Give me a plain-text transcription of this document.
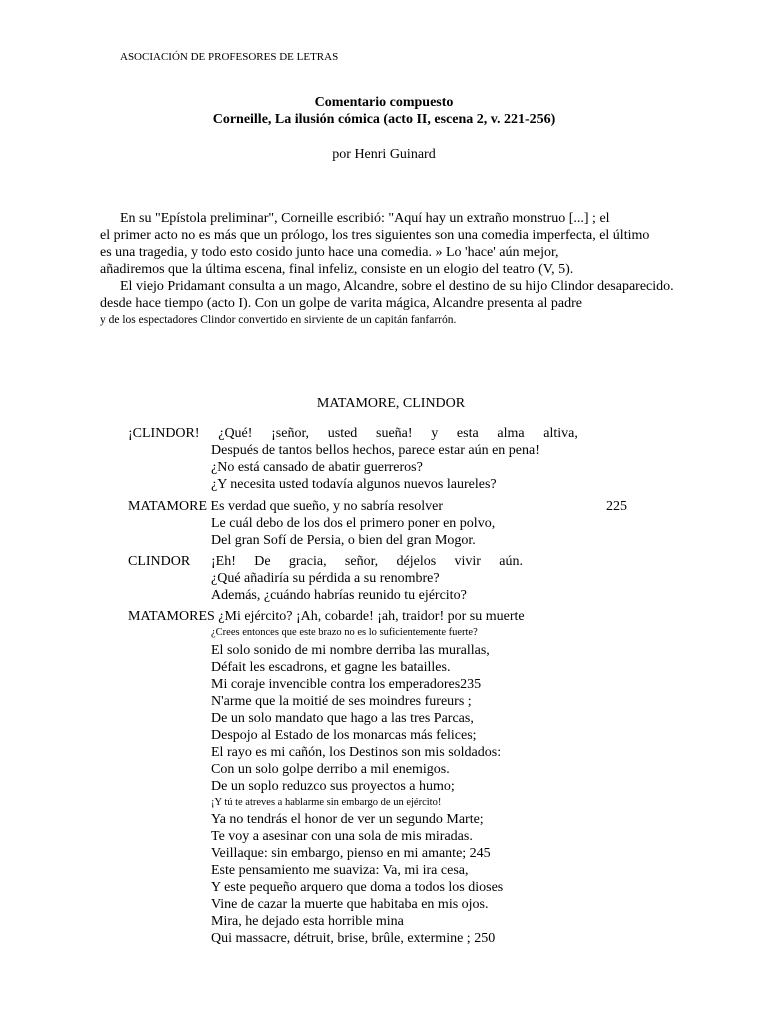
ASOCIACIÓN DE PROFESORES DE LETRAS
Comentario compuesto
Corneille, La ilusión cómica (acto II, escena 2, v. 221-256)
por Henri Guinard
En su "Epístola preliminar", Corneille escribió: "Aquí hay un extraño monstruo [...] ; el
el primer acto no es más que un prólogo, los tres siguientes son una comedia imperfecta, el último
es una tragedia, y todo esto cosido junto hace una comedia. » Lo 'hace' aún mejor,
añadiremos que la última escena, final infeliz, consiste en un elogio del teatro (V, 5).
El viejo Pridamant consulta a un mago, Alcandre, sobre el destino de su hijo Clindor desaparecido.
desde hace tiempo (acto I). Con un golpe de varita mágica, Alcandre presenta al padre
y de los espectadores Clindor convertido en sirviente de un capitán fanfarrón.
MATAMORE, CLINDOR
¡CLINDOR! ¿Qué! ¡señor, usted sueña! y esta alma altiva,
Después de tantos bellos hechos, parece estar aún en pena!
¿No está cansado de abatir guerreros?
¿Y necesita usted todavía algunos nuevos laureles?
MATAMORE Es verdad que sueño, y no sabría resolver	225
Le cuál debo de los dos el primero poner en polvo,
Del gran Sofí de Persia, o bien del gran Mogor.
CLINDOR ¡Eh! De gracia, señor, déjelos vivir aún.
¿Qué añadiría su pérdida a su renombre?
Además, ¿cuándo habrías reunido tu ejército?
MATAMORES ¿Mi ejército? ¡Ah, cobarde! ¡ah, traidor! por su muerte
¿Crees entonces que este brazo no es lo suficientemente fuerte?
El solo sonido de mi nombre derriba las murallas,
Défait les escadrons, et gagne les batailles.
Mi coraje invencible contra los emperadores235
N'arme que la moitié de ses moindres fureurs ;
De un solo mandato que hago a las tres Parcas,
Despojo al Estado de los monarcas más felices;
El rayo es mi cañón, los Destinos son mis soldados:
Con un solo golpe derribo a mil enemigos.
De un soplo reduzco sus proyectos a humo;
¡Y tú te atreves a hablarme sin embargo de un ejército!
Ya no tendrás el honor de ver un segundo Marte;
Te voy a asesinar con una sola de mis miradas.
Veillaque: sin embargo, pienso en mi amante; 245
Este pensamiento me suaviza: Va, mi ira cesa,
Y este pequeño arquero que doma a todos los dioses
Vine de cazar la muerte que habitaba en mis ojos.
Mira, he dejado esta horrible mina
Qui massacre, détruit, brise, brûle, extermine ; 250
